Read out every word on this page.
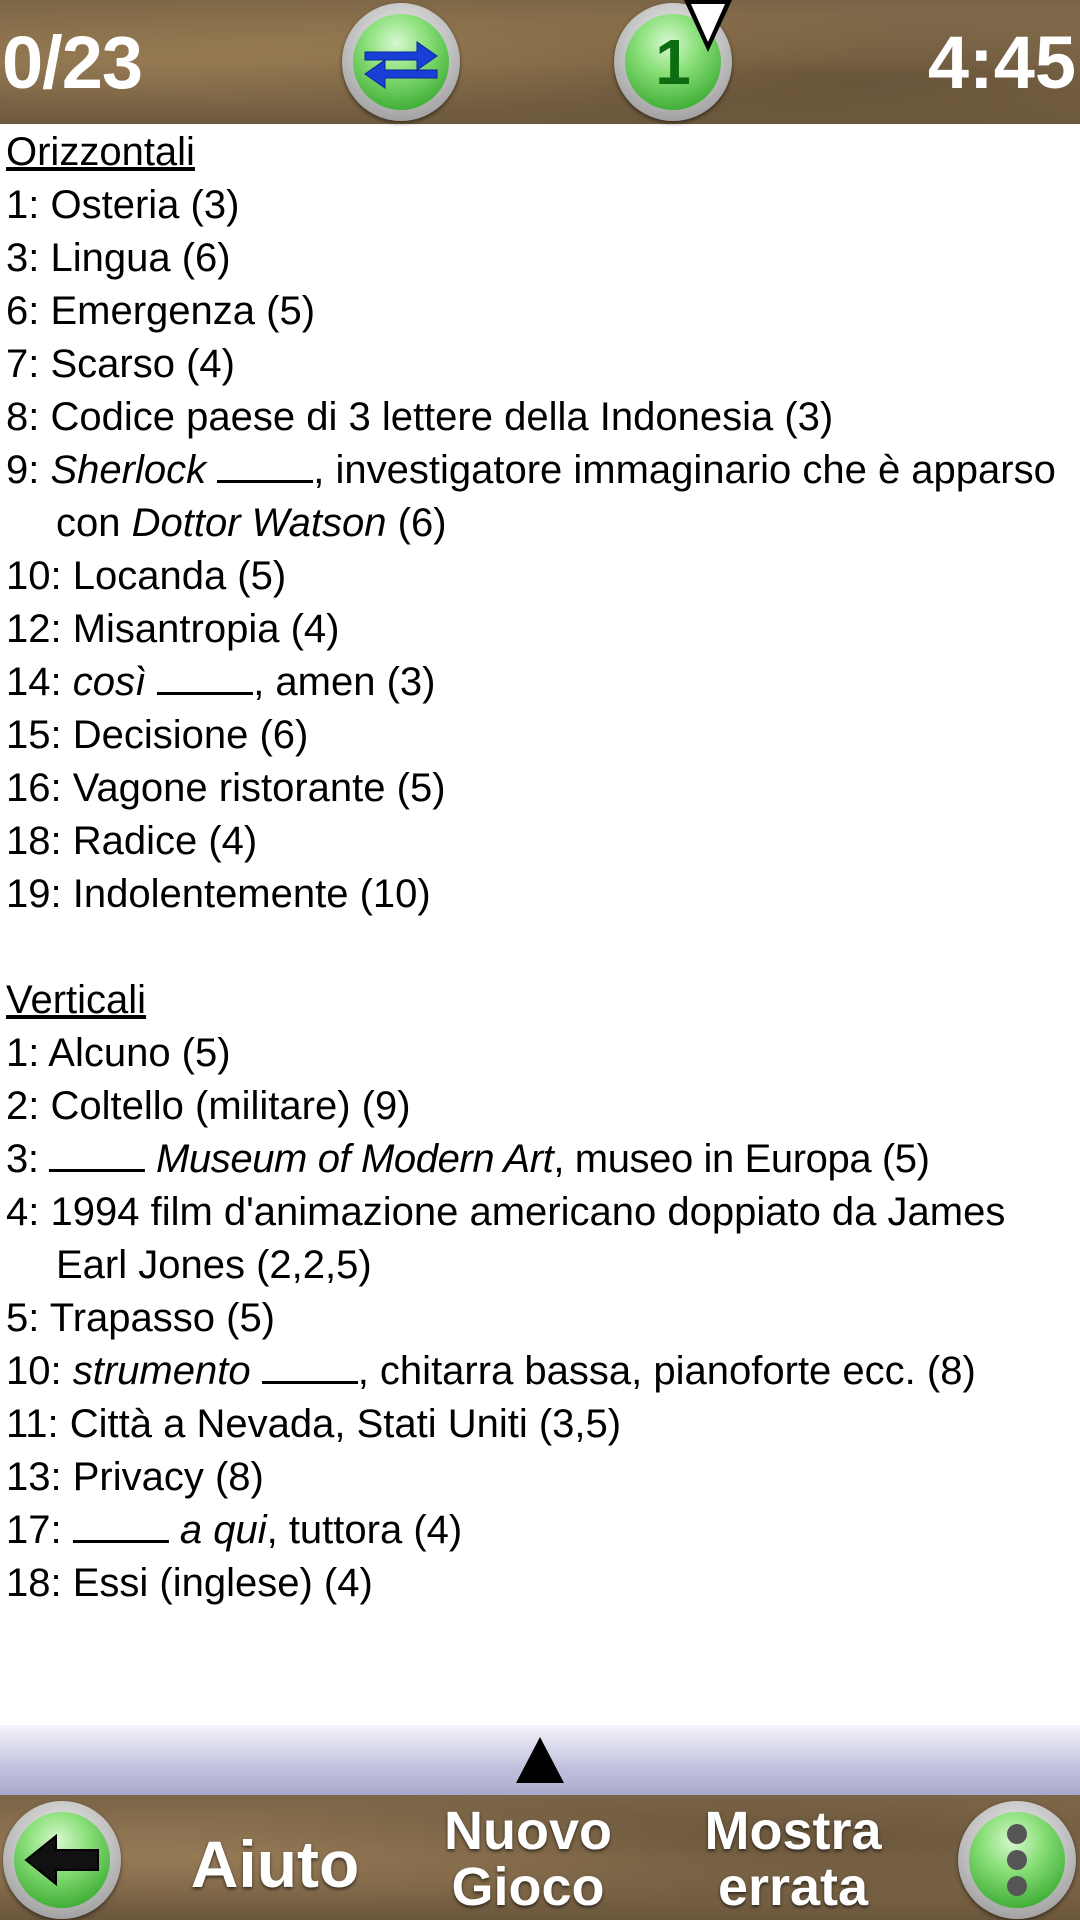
0/23	1	4:45

Orizzontali

1: Osteria (3)

3: Lingua (6)

6: Emergenza (5)

7: Scarso (4)

8: Codice paese di 3 lettere della Indonesia (3)

9: Sherlock	, investigatore immaginario che è apparso con Dottor Watson (6)

10: Locanda (5)

12: Misantropia (4)

14: così	, amen (3)

15: Decisione (6)

16: Vagone ristorante (5)

18: Radice (4)

19: Indolentemente (10)

Verticali

1: Alcuno (5)

2: Coltello (militare) (9)

3:	Museum of Modern Art, museo in Europa (5)

4: 1994 film d'animazione americano doppiato da James Earl Jones (2,2,5)

5: Trapasso (5)

10: strumento	, chitarra bassa, pianoforte ecc. (8)

11: Città a Nevada, Stati Uniti (3,5)

13: Privacy (8)

17:	a qui, tuttora (4)

18: Essi (inglese) (4)

Aiuto	Nuovo
Gioco
Mostra
errata
